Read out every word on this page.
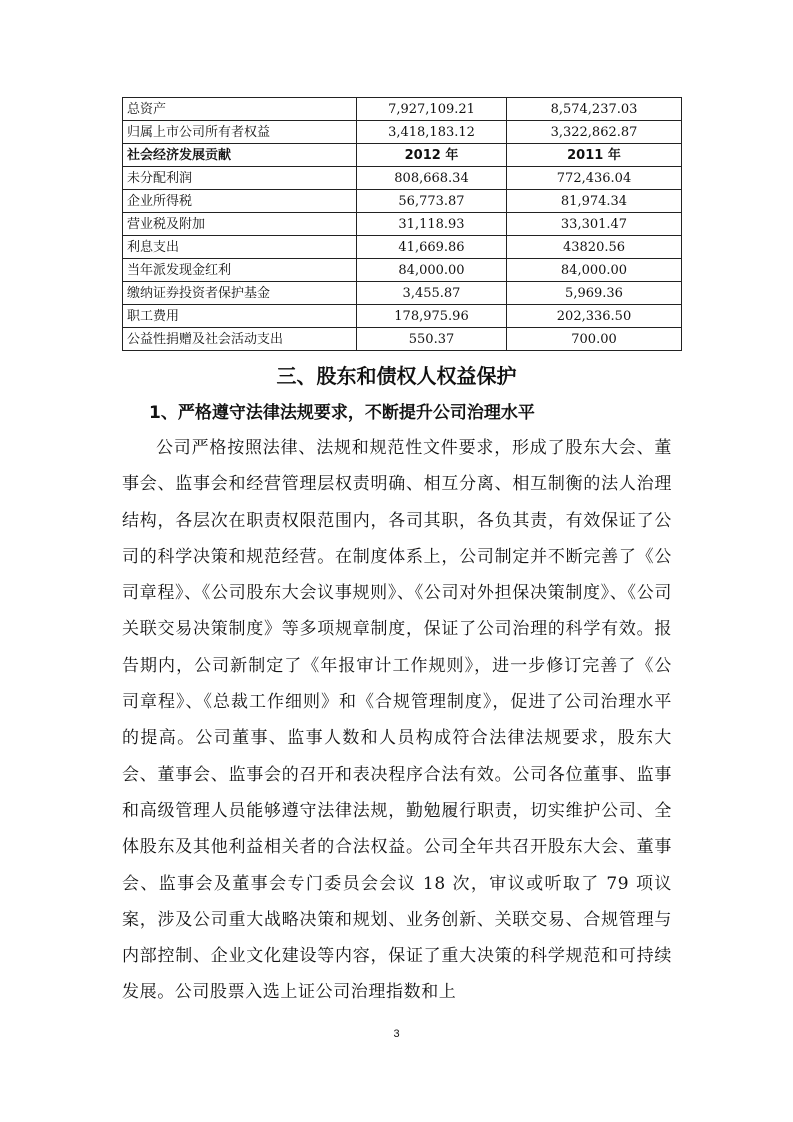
总资产	7,927,109.21	8,574,237.03
归属上市公司所有者权益	3,418,183.12	3,322,862.87
社会经济发展贡献	2012 年	2011 年
未分配利润	808,668.34	772,436.04
企业所得税	56,773.87	81,974.34
营业税及附加	31,118.93	33,301.47
利息支出	41,669.86	43820.56
当年派发现金红利	84,000.00	84,000.00
缴纳证券投资者保护基金	3,455.87	5,969.36
职工费用	178,975.96	202,336.50
公益性捐赠及社会活动支出	550.37	700.00
三、股东和债权人权益保护
1、严格遵守法律法规要求，不断提升公司治理水平

公司严格按照法律、法规和规范性文件要求，形成了股东大会、董事会、监事会和经营管理层权责明确、相互分离、相互制衡的法人治理结构，各层次在职责权限范围内，各司其职，各负其责，有效保证了公司的科学决策和规范经营。在制度体系上，公司制定并不断完善了《公司章程》、《公司股东大会议事规则》、《公司对外担保决策制度》、《公司关联交易决策制度》等多项规章制度，保证了公司治理的科学有效。报告期内，公司新制定了《年报审计工作规则》，进一步修订完善了《公司章程》、《总裁工作细则》和《合规管理制度》，促进了公司治理水平的提高。公司董事、监事人数和人员构成符合法律法规要求，股东大会、董事会、监事会的召开和表决程序合法有效。公司各位董事、监事和高级管理人员能够遵守法律法规，勤勉履行职责，切实维护公司、全体股东及其他利益相关者的合法权益。公司全年共召开股东大会、董事会、监事会及董事会专门委员会会议 18 次，审议或听取了 79 项议案，涉及公司重大战略决策和规划、业务创新、关联交易、合规管理与内部控制、企业文化建设等内容，保证了重大决策的科学规范和可持续发展。公司股票入选上证公司治理指数和上

3
